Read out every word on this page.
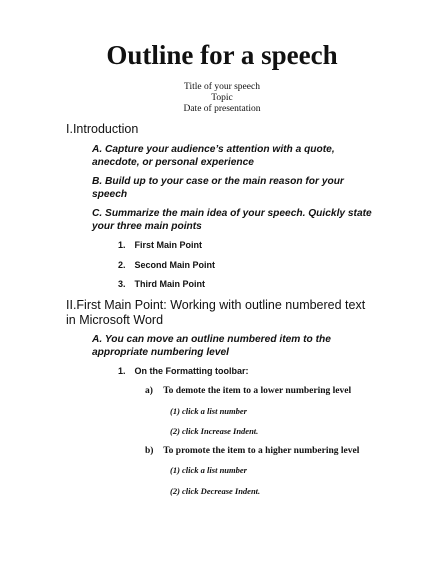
Outline for a speech
Title of your speech
Topic
Date of presentation
I.Introduction
A. Capture your audience’s attention with a quote,
anecdote, or personal experience
B. Build up to your case or the main reason for your
speech
C. Summarize the main idea of your speech. Quickly state
your three main points
1. First Main Point
2. Second Main Point
3. Third Main Point
II.First Main Point: Working with outline numbered text
in Microsoft Word
A. You can move an outline numbered item to the
appropriate numbering level
1. On the Formatting toolbar:
a) To demote the item to a lower numbering level
(1) click a list number
(2) click Increase Indent.
b) To promote the item to a higher numbering level
(1) click a list number
(2) click Decrease Indent.
